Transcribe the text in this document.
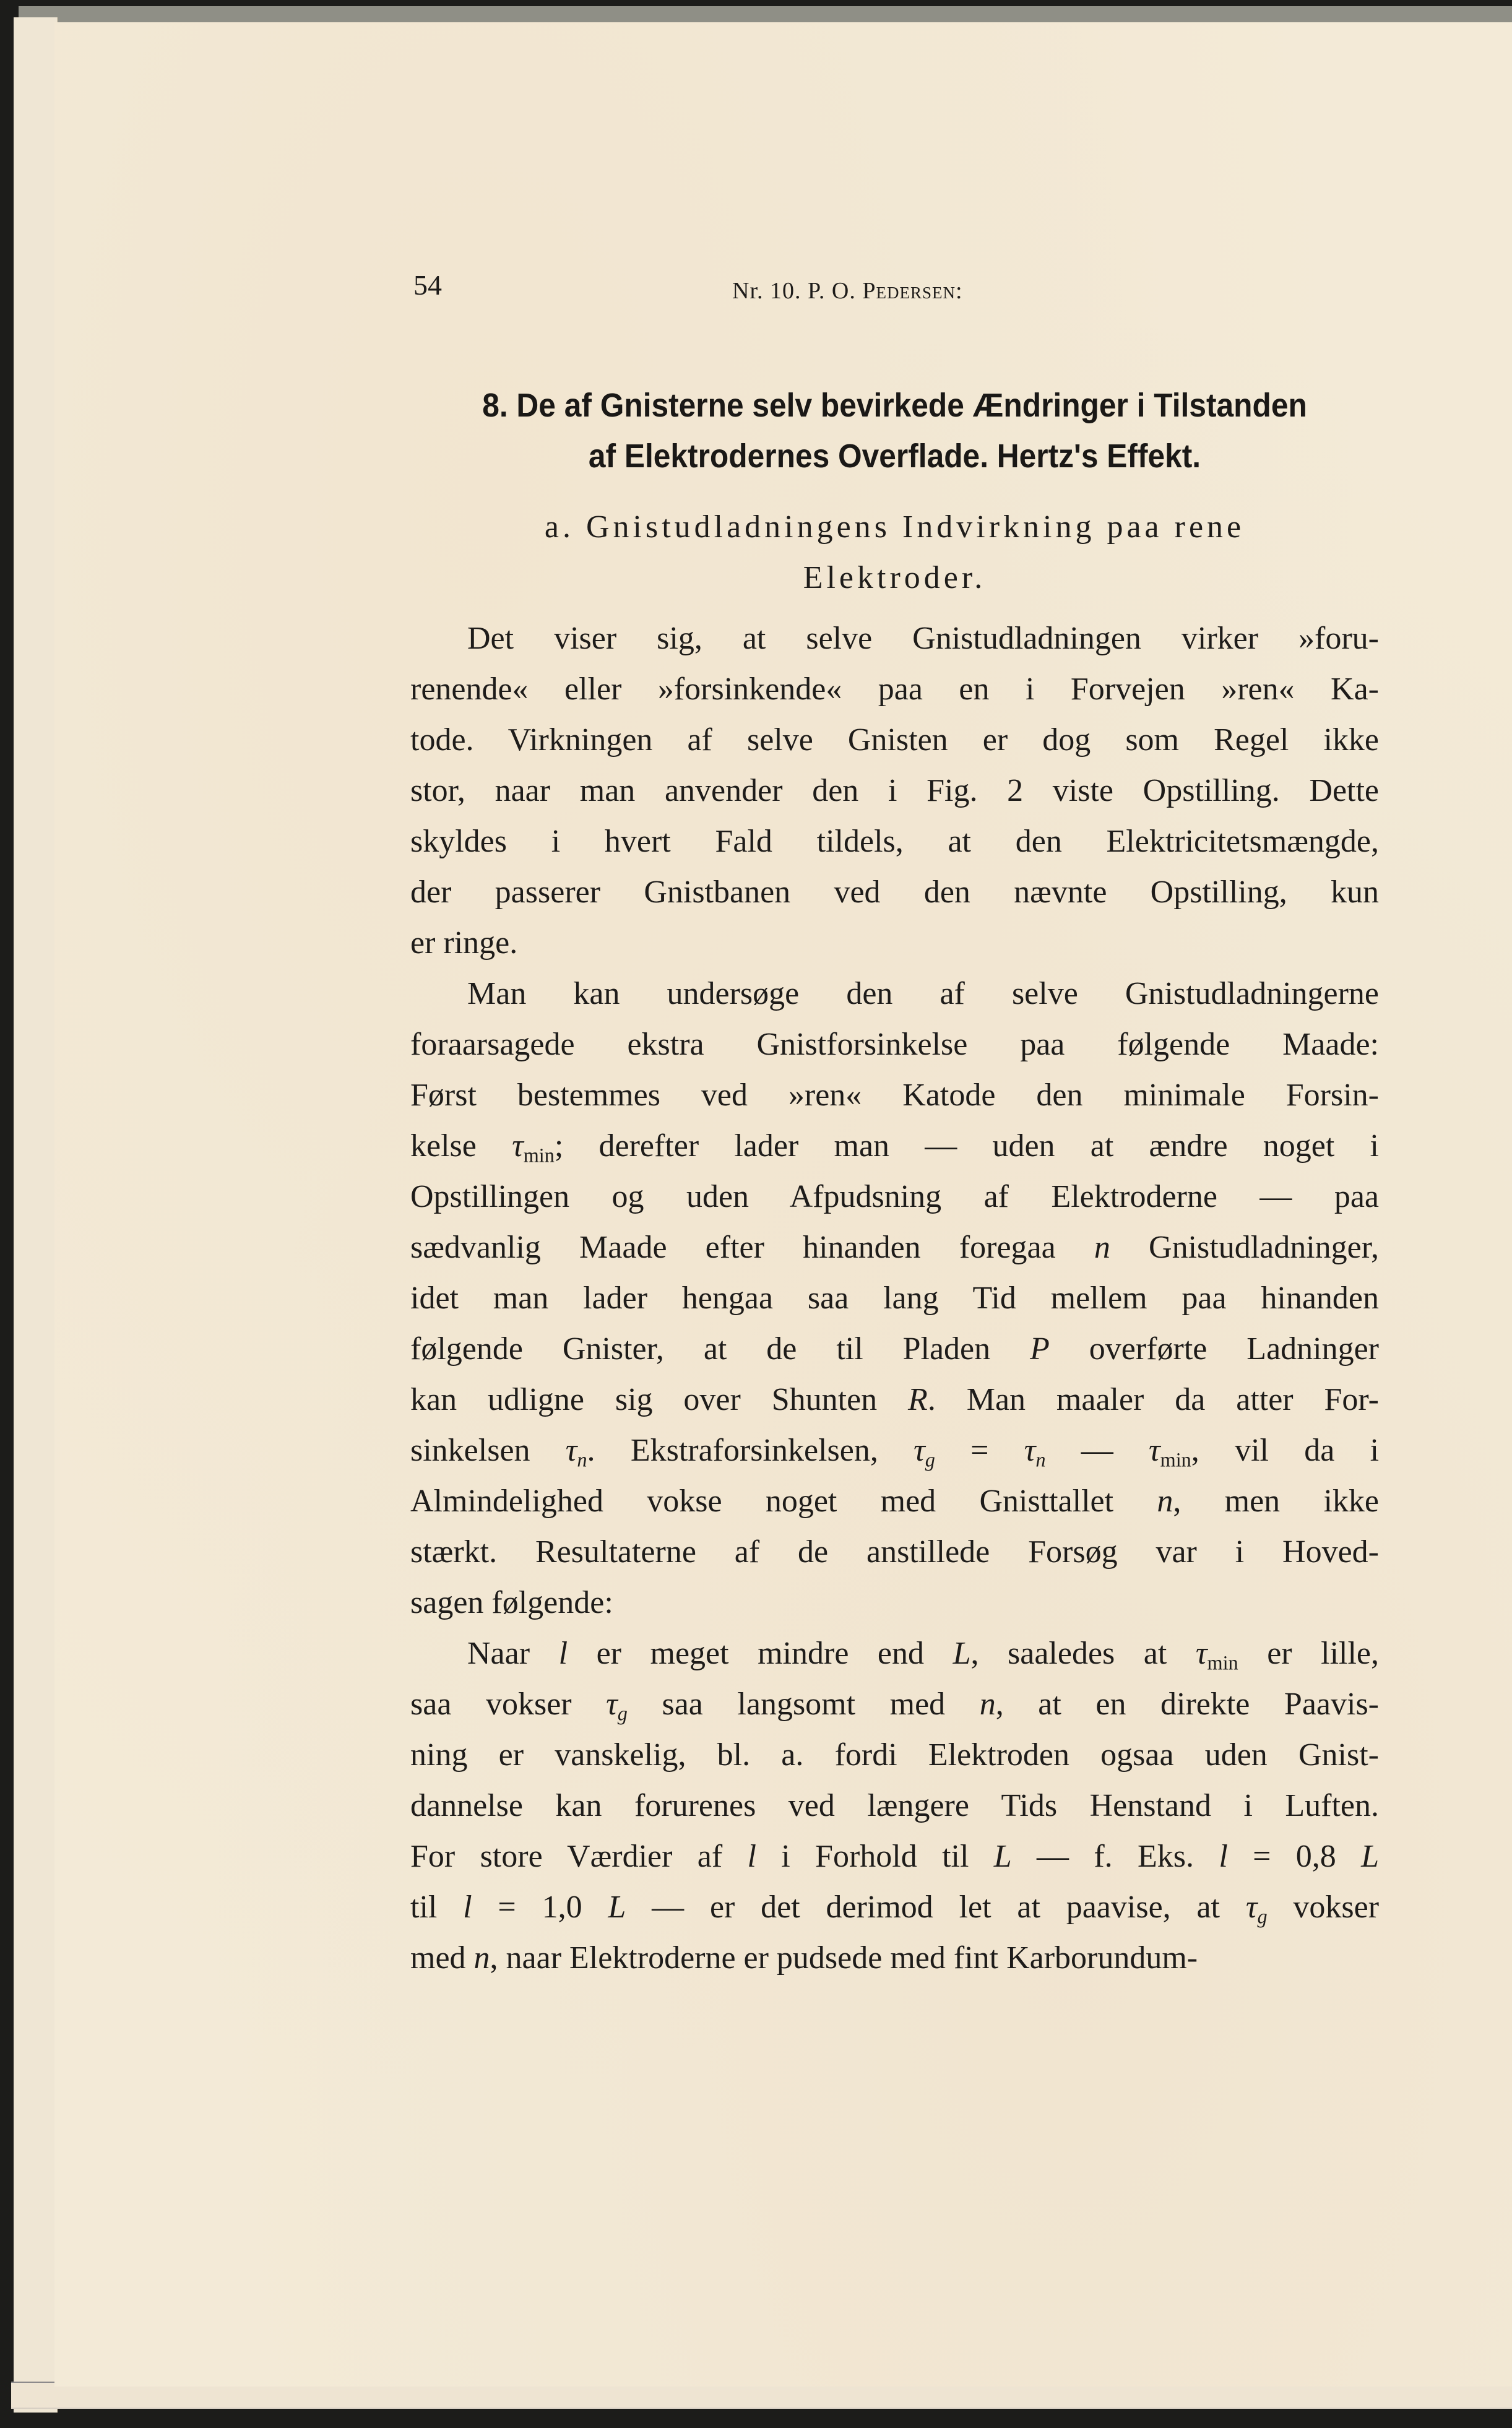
54	Nr. 10. P. O. Pedersen:
8. De af Gnisterne selv bevirkede Ændringer i Tilstanden
af Elektrodernes Overflade. Hertz's Effekt.
a. Gnistudladningens Indvirkning paa rene
Elektroder.
Det viser sig, at selve Gnistudladningen virker »foru-
renende« eller »forsinkende« paa en i Forvejen »ren« Ka-
tode. Virkningen af selve Gnisten er dog som Regel ikke
stor, naar man anvender den i Fig. 2 viste Opstilling. Dette
skyldes i hvert Fald tildels, at den Elektricitetsmængde,
der passerer Gnistbanen ved den nævnte Opstilling, kun
er ringe.
Man kan undersøge den af selve Gnistudladningerne
foraarsagede ekstra Gnistforsinkelse paa følgende Maade:
Først bestemmes ved »ren« Katode den minimale Forsin-
kelse $\tau_{min}$; derefter lader man — uden at ændre noget i
Opstillingen og uden Afpudsning af Elektroderne — paa
sædvanlig Maade efter hinanden foregaa n Gnistudladninger,
idet man lader hengaa saa lang Tid mellem paa hinanden
følgende Gnister, at de til Pladen P overførte Ladninger
kan udligne sig over Shunten R. Man maaler da atter For-
sinkelsen $\tau_n$. Ekstraforsinkelsen, $\tau_g = \tau_n$ — $\tau_{min}$, vil da i
Almindelighed vokse noget med Gnisttallet n, men ikke
stærkt. Resultaterne af de anstillede Forsøg var i Hoved-
sagen følgende:
Naar l er meget mindre end L, saaledes at $\tau_{min}$ er lille,
saa vokser $\tau_g$ saa langsomt med n, at en direkte Paavis-
ning er vanskelig, bl. a. fordi Elektroden ogsaa uden Gnist-
dannelse kan forurenes ved længere Tids Henstand i Luften.
For store Værdier af l i Forhold til L — f. Eks. l = 0,8 L
til l = 1,0 L — er det derimod let at paavise, at $\tau_g$ vokser
med n, naar Elektroderne er pudsede med fint Karborundum-
